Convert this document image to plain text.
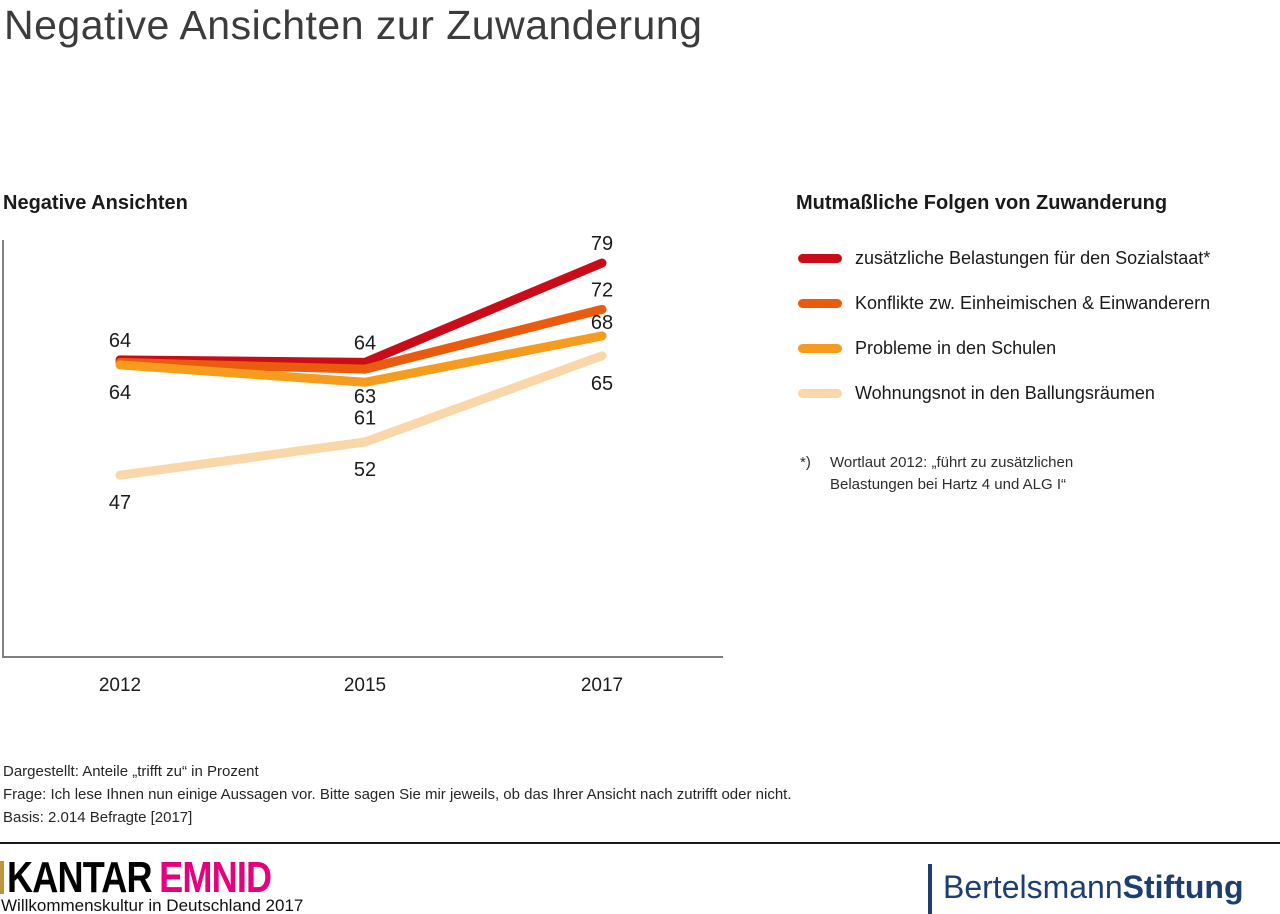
Negative Ansichten zur Zuwanderung
Negative Ansichten
64	64
79
63
72
64
61
68
47
52
65
2012	2015	2017
Mutmaßliche Folgen von Zuwanderung
zusätzliche Belastungen für den Sozialstaat*
Konflikte zw. Einheimischen & Einwanderern
Probleme in den Schulen
Wohnungsnot in den Ballungsräumen
*)	Wortlaut 2012: „führt zu zusätzlichen
Belastungen bei Hartz 4 und ALG I“
Dargestellt: Anteile „trifft zu“ in Prozent
Frage: Ich lese Ihnen nun einige Aussagen vor. Bitte sagen Sie mir jeweils, ob das Ihrer Ansicht nach zutrifft oder nicht.
Basis: 2.014 Befragte [2017]
KANTAR EMNID
Willkommenskultur in Deutschland 2017
BertelsmannStiftung
